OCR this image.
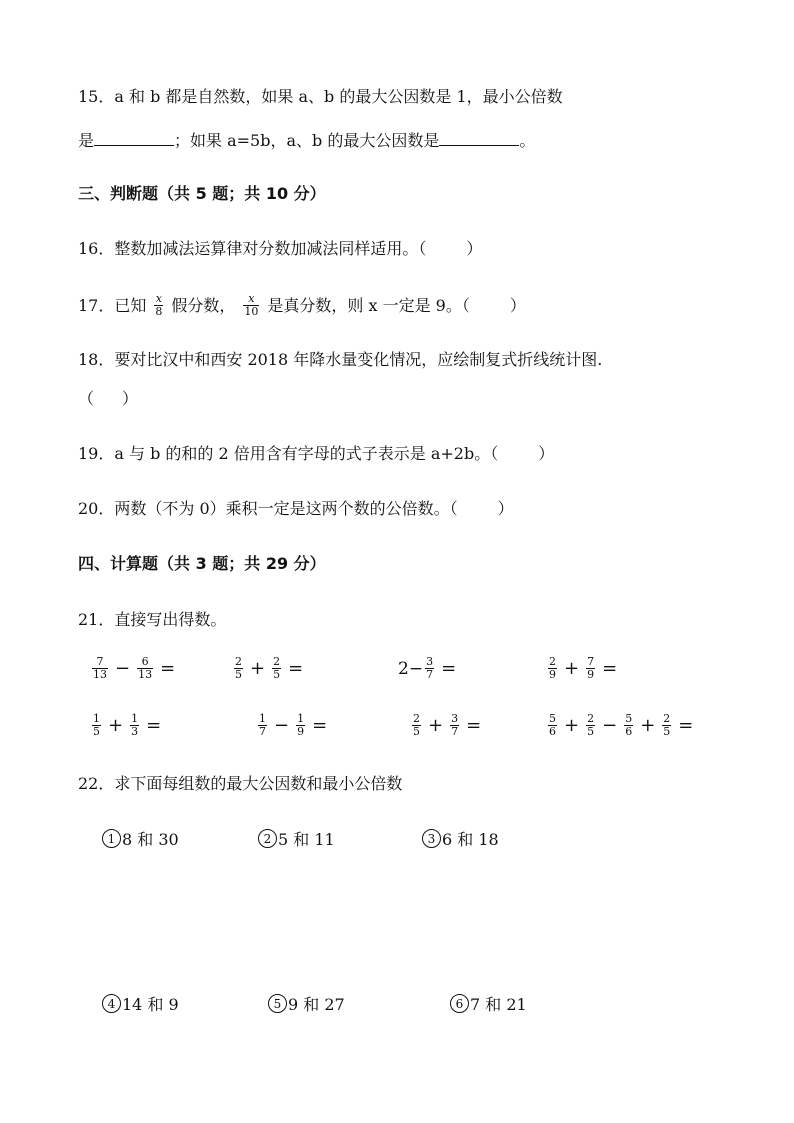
15．a 和 b 都是自然数，如果 a、b 的最大公因数是 1，最小公倍数
是	；如果 a=5b，a、b 的最大公因数是	。
三、判断题（共 5 题；共 10 分）
16．整数加减法运算律对分数加减法同样适用。（	）
17．已知 $\frac{x}{8}$ 假分数， $\frac{x}{10}$ 是真分数，则 x 一定是 9。（	）
18．要对比汉中和西安 2018 年降水量变化情况，应绘制复式折线统计图.
（ ）
19．a 与 b 的和的 2 倍用含有字母的式子表示是 a+2b。（	）
20．两数（不为 0）乘积一定是这两个数的公倍数。（	）
四、计算题（共 3 题；共 29 分）
21．直接写出得数。
$\frac{7}{13} - \frac{6}{13}$ =	$\frac{2}{5} + \frac{2}{5}$ =	$2- \frac{3}{7}$ =	$\frac{2}{9} + \frac{7}{9}$ =
$\frac{1}{5} + \frac{1}{3}$ =	$\frac{1}{7} - \frac{1}{9}$ =	$\frac{2}{5} + \frac{3}{7}$ =	$\frac{5}{6} + \frac{2}{5} - \frac{5}{6} + \frac{2}{5}$ =
22．求下面每组数的最大公因数和最小公倍数
1 8 和 30	2 5 和 11	3 6 和 18
4 14 和 9	5 9 和 27	6 7 和 21
